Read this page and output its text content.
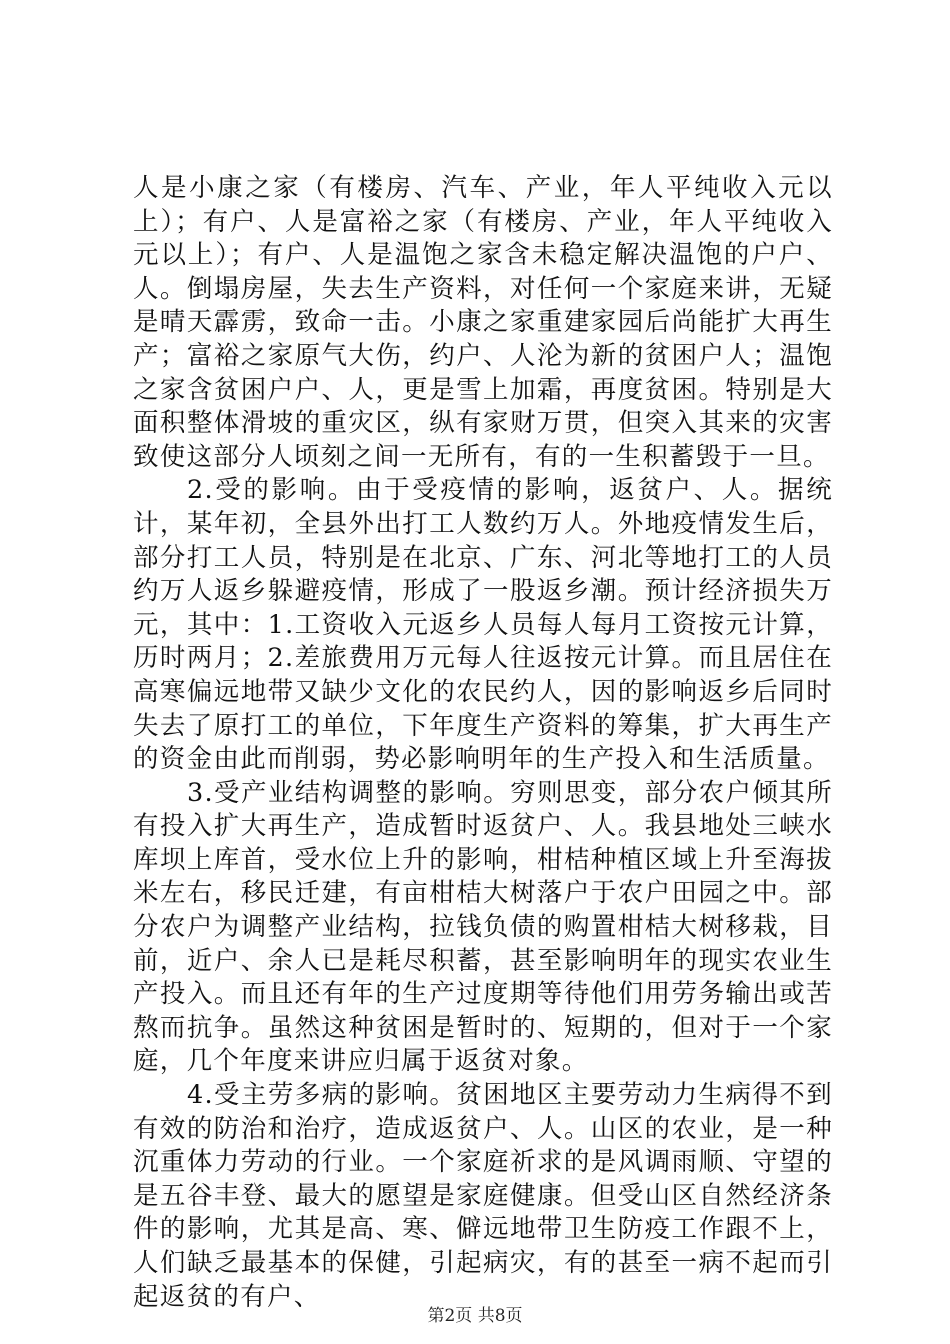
人是小康之家（有楼房、汽车、产业，年人平纯收入元以上）；有户、人是富裕之家（有楼房、产业，年人平纯收入元以上）；有户、人是温饱之家含未稳定解决温饱的户户、人。倒塌房屋，失去生产资料，对任何一个家庭来讲，无疑是晴天霹雳，致命一击。小康之家重建家园后尚能扩大再生产；富裕之家原气大伤，约户、人沦为新的贫困户人；温饱之家含贫困户户、人，更是雪上加霜，再度贫困。特别是大面积整体滑坡的重灾区，纵有家财万贯，但突入其来的灾害致使这部分人顷刻之间一无所有，有的一生积蓄毁于一旦。

2.受的影响。由于受疫情的影响，返贫户、人。据统计，某年初，全县外出打工人数约万人。外地疫情发生后，部分打工人员，特别是在北京、广东、河北等地打工的人员约万人返乡躲避疫情，形成了一股返乡潮。预计经济损失万元，其中：1.工资收入元返乡人员每人每月工资按元计算，历时两月；2.差旅费用万元每人往返按元计算。而且居住在高寒偏远地带又缺少文化的农民约人，因的影响返乡后同时失去了原打工的单位，下年度生产资料的筹集，扩大再生产的资金由此而削弱，势必影响明年的生产投入和生活质量。

3.受产业结构调整的影响。穷则思变，部分农户倾其所有投入扩大再生产，造成暂时返贫户、人。我县地处三峡水库坝上库首，受水位上升的影响，柑桔种植区域上升至海拔米左右，移民迁建，有亩柑桔大树落户于农户田园之中。部分农户为调整产业结构，拉钱负债的购置柑桔大树移栽，目前，近户、余人已是耗尽积蓄，甚至影响明年的现实农业生产投入。而且还有年的生产过度期等待他们用劳务输出或苦熬而抗争。虽然这种贫困是暂时的、短期的，但对于一个家庭，几个年度来讲应归属于返贫对象。

4.受主劳多病的影响。贫困地区主要劳动力生病得不到有效的防治和治疗，造成返贫户、人。山区的农业，是一种沉重体力劳动的行业。一个家庭祈求的是风调雨顺、守望的是五谷丰登、最大的愿望是家庭健康。但受山区自然经济条件的影响，尤其是高、寒、僻远地带卫生防疫工作跟不上，人们缺乏最基本的保健，引起病灾，有的甚至一病不起而引起返贫的有户、

第2页 共8页
